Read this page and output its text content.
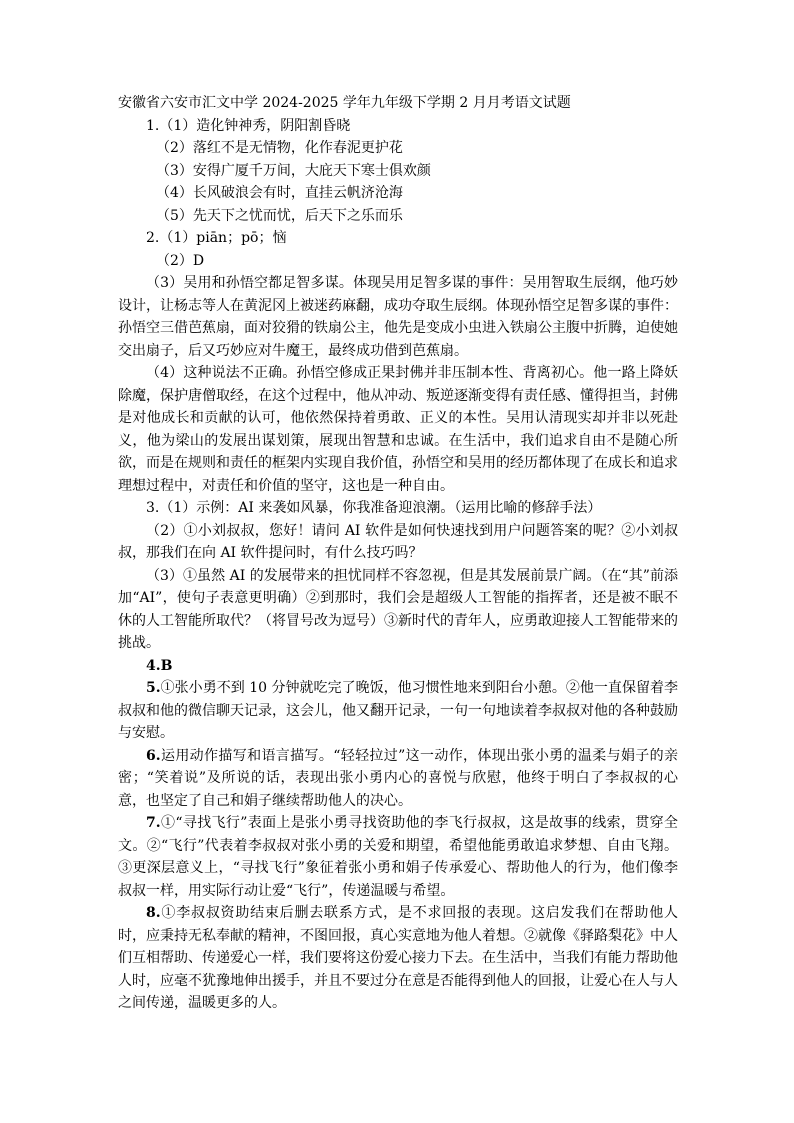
安徽省六安市汇文中学 2024-2025 学年九年级下学期 2 月月考语文试题

1.（1）造化钟神秀，阴阳割昏晓

（2）落红不是无情物，化作春泥更护花

（3）安得广厦千万间，大庇天下寒士俱欢颜

（4）长风破浪会有时，直挂云帆济沧海

（5）先天下之忧而忧，后天下之乐而乐

2.（1）piān；pō；恼

（2）D

（3）吴用和孙悟空都足智多谋。体现吴用足智多谋的事件：吴用智取生辰纲，他巧妙设计，让杨志等人在黄泥冈上被迷药麻翻，成功夺取生辰纲。体现孙悟空足智多谋的事件：孙悟空三借芭蕉扇，面对狡猾的铁扇公主，他先是变成小虫进入铁扇公主腹中折腾，迫使她交出扇子，后又巧妙应对牛魔王，最终成功借到芭蕉扇。

（4）这种说法不正确。孙悟空修成正果封佛并非压制本性、背离初心。他一路上降妖除魔，保护唐僧取经，在这个过程中，他从冲动、叛逆逐渐变得有责任感、懂得担当，封佛是对他成长和贡献的认可，他依然保持着勇敢、正义的本性。吴用认清现实却并非以死赴义，他为梁山的发展出谋划策，展现出智慧和忠诚。在生活中，我们追求自由不是随心所欲，而是在规则和责任的框架内实现自我价值，孙悟空和吴用的经历都体现了在成长和追求理想过程中，对责任和价值的坚守，这也是一种自由。

3.（1）示例：AI 来袭如风暴，你我准备迎浪潮。（运用比喻的修辞手法）

（2）①小刘叔叔，您好！请问 AI 软件是如何快速找到用户问题答案的呢？②小刘叔叔，那我们在向 AI 软件提问时，有什么技巧吗？

（3）①虽然 AI 的发展带来的担忧同样不容忽视，但是其发展前景广阔。（在“其”前添加“AI”，使句子表意更明确）②到那时，我们会是超级人工智能的指挥者，还是被不眠不休的人工智能所取代？（将冒号改为逗号）③新时代的青年人，应勇敢迎接人工智能带来的挑战。

4.B

5.①张小勇不到 10 分钟就吃完了晚饭，他习惯性地来到阳台小憩。②他一直保留着李叔叔和他的微信聊天记录，这会儿，他又翻开记录，一句一句地读着李叔叔对他的各种鼓励与安慰。

6.运用动作描写和语言描写。“轻轻拉过”这一动作，体现出张小勇的温柔与娟子的亲密；“笑着说”及所说的话，表现出张小勇内心的喜悦与欣慰，他终于明白了李叔叔的心意，也坚定了自己和娟子继续帮助他人的决心。

7.①“寻找飞行”表面上是张小勇寻找资助他的李飞行叔叔，这是故事的线索，贯穿全文。②“飞行”代表着李叔叔对张小勇的关爱和期望，希望他能勇敢追求梦想、自由飞翔。③更深层意义上，“寻找飞行”象征着张小勇和娟子传承爱心、帮助他人的行为，他们像李叔叔一样，用实际行动让爱“飞行”，传递温暖与希望。

8.①李叔叔资助结束后删去联系方式，是不求回报的表现。这启发我们在帮助他人时，应秉持无私奉献的精神，不图回报，真心实意地为他人着想。②就像《驿路梨花》中人们互相帮助、传递爱心一样，我们要将这份爱心接力下去。在生活中，当我们有能力帮助他人时，应毫不犹豫地伸出援手，并且不要过分在意是否能得到他人的回报，让爱心在人与人之间传递，温暖更多的人。
